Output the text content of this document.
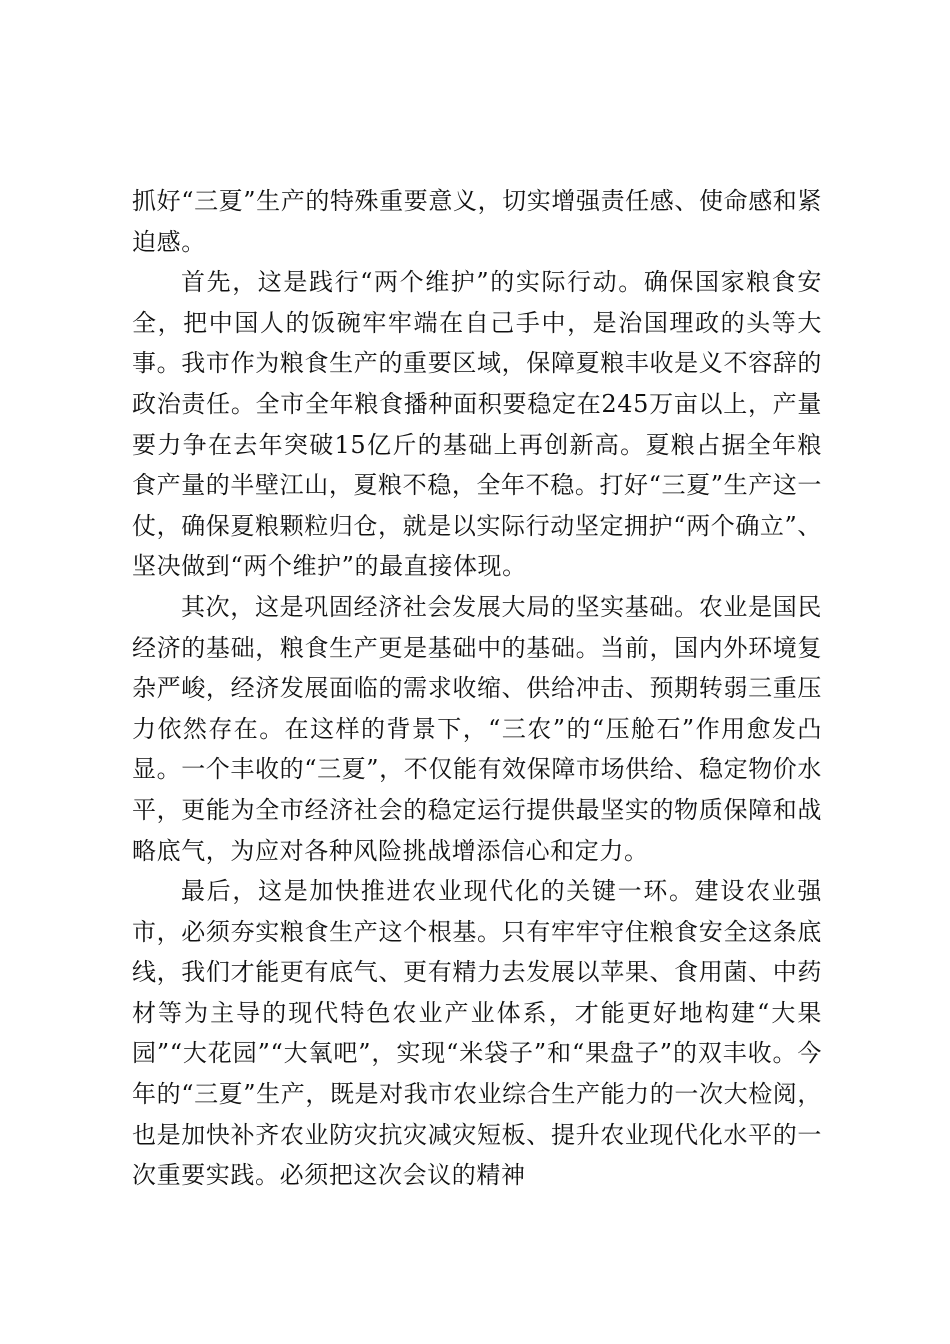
抓好“三夏”生产的特殊重要意义，切实增强责任感、使命感和紧迫感。

首先，这是践行“两个维护”的实际行动。确保国家粮食安全，把中国人的饭碗牢牢端在自己手中，是治国理政的头等大事。我市作为粮食生产的重要区域，保障夏粮丰收是义不容辞的政治责任。全市全年粮食播种面积要稳定在245万亩以上，产量要力争在去年突破15亿斤的基础上再创新高。夏粮占据全年粮食产量的半壁江山，夏粮不稳，全年不稳。打好“三夏”生产这一仗，确保夏粮颗粒归仓，就是以实际行动坚定拥护“两个确立”、坚决做到“两个维护”的最直接体现。

其次，这是巩固经济社会发展大局的坚实基础。农业是国民经济的基础，粮食生产更是基础中的基础。当前，国内外环境复杂严峻，经济发展面临的需求收缩、供给冲击、预期转弱三重压力依然存在。在这样的背景下，“三农”的“压舱石”作用愈发凸显。一个丰收的“三夏”，不仅能有效保障市场供给、稳定物价水平，更能为全市经济社会的稳定运行提供最坚实的物质保障和战略底气，为应对各种风险挑战增添信心和定力。

最后，这是加快推进农业现代化的关键一环。建设农业强市，必须夯实粮食生产这个根基。只有牢牢守住粮食安全这条底线，我们才能更有底气、更有精力去发展以苹果、食用菌、中药材等为主导的现代特色农业产业体系，才能更好地构建“大果园”“大花园”“大氧吧”，实现“米袋子”和“果盘子”的双丰收。今年的“三夏”生产，既是对我市农业综合生产能力的一次大检阅，也是加快补齐农业防灾抗灾减灾短板、提升农业现代化水平的一次重要实践。必须把这次会议的精神
